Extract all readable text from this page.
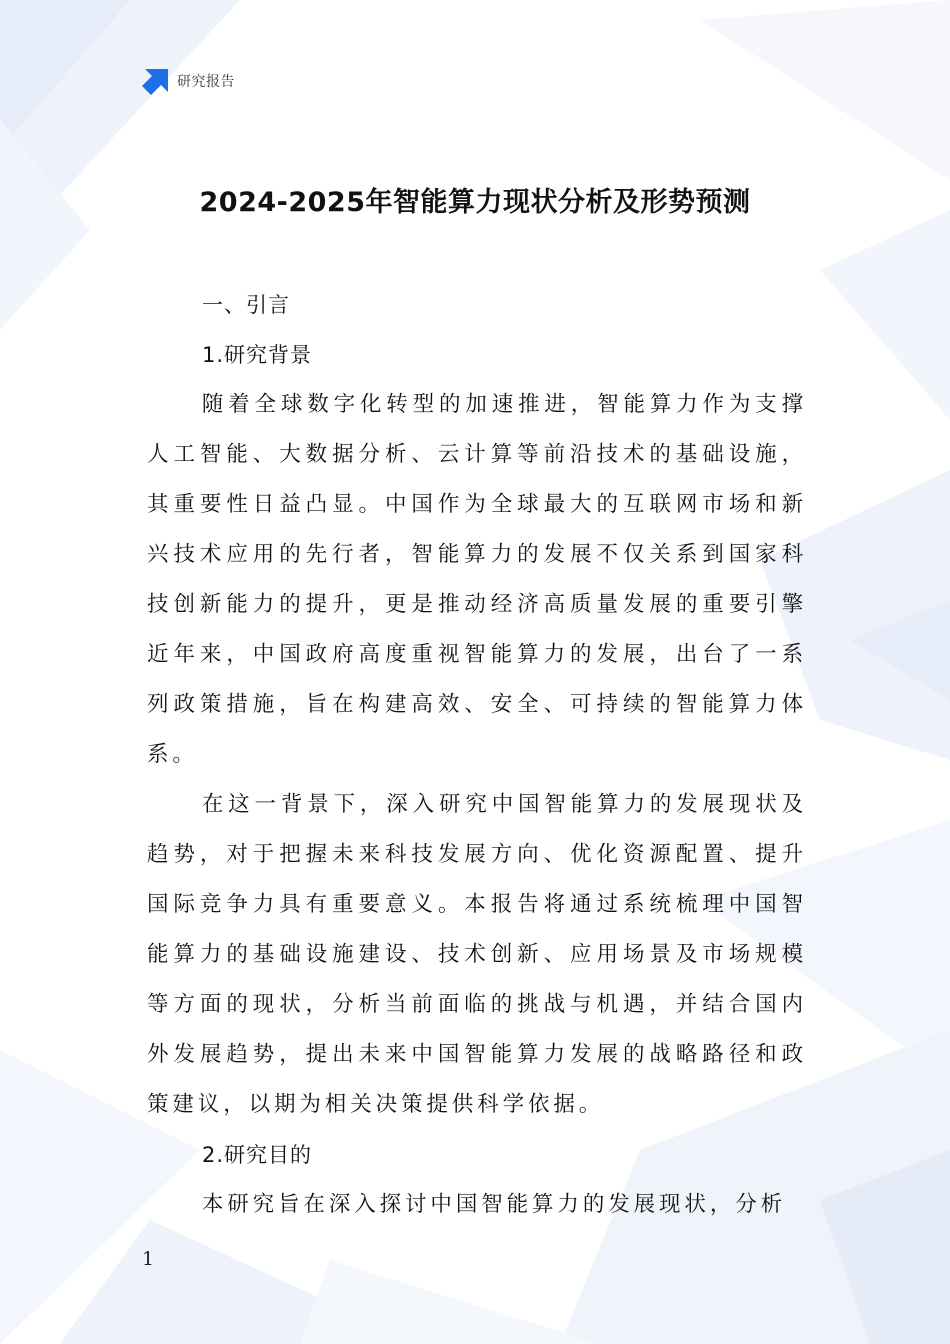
研究报告
2024-2025年智能算力现状分析及形势预测
一、引言
1.研究背景

随着全球数字化转型的加速推进，智能算力作为支撑人工智能、大数据分析、云计算等前沿技术的基础设施，其重要性日益凸显。中国作为全球最大的互联网市场和新兴技术应用的先行者，智能算力的发展不仅关系到国家科技创新能力的提升，更是推动经济高质量发展的重要引擎近年来，中国政府高度重视智能算力的发展，出台了一系列政策措施，旨在构建高效、安全、可持续的智能算力体系。

在这一背景下，深入研究中国智能算力的发展现状及趋势，对于把握未来科技发展方向、优化资源配置、提升国际竞争力具有重要意义。本报告将通过系统梳理中国智能算力的基础设施建设、技术创新、应用场景及市场规模等方面的现状，分析当前面临的挑战与机遇，并结合国内外发展趋势，提出未来中国智能算力发展的战略路径和政策建议，以期为相关决策提供科学依据。

2.研究目的

本研究旨在深入探讨中国智能算力的发展现状，分析

1
